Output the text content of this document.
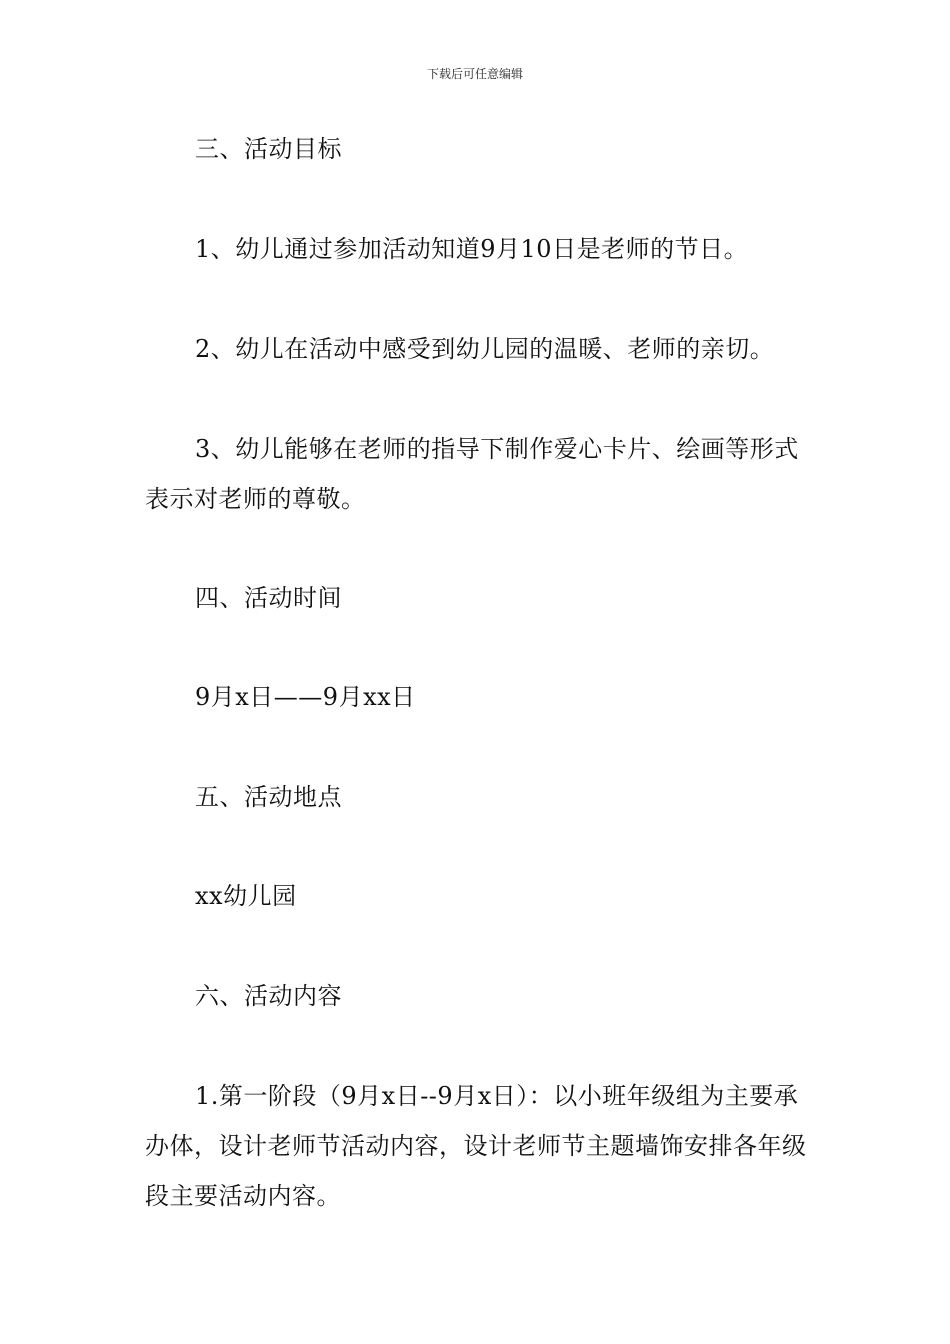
下载后可任意编辑

三、活动目标

1、幼儿通过参加活动知道9月10日是老师的节日。

2、幼儿在活动中感受到幼儿园的温暖、老师的亲切。

3、幼儿能够在老师的指导下制作爱心卡片、绘画等形式表示对老师的尊敬。

四、活动时间

9月x日——9月xx日

五、活动地点

xx幼儿园

六、活动内容

1.第一阶段（9月x日--9月x日）：以小班年级组为主要承办体，设计老师节活动内容，设计老师节主题墙饰安排各年级段主要活动内容。
